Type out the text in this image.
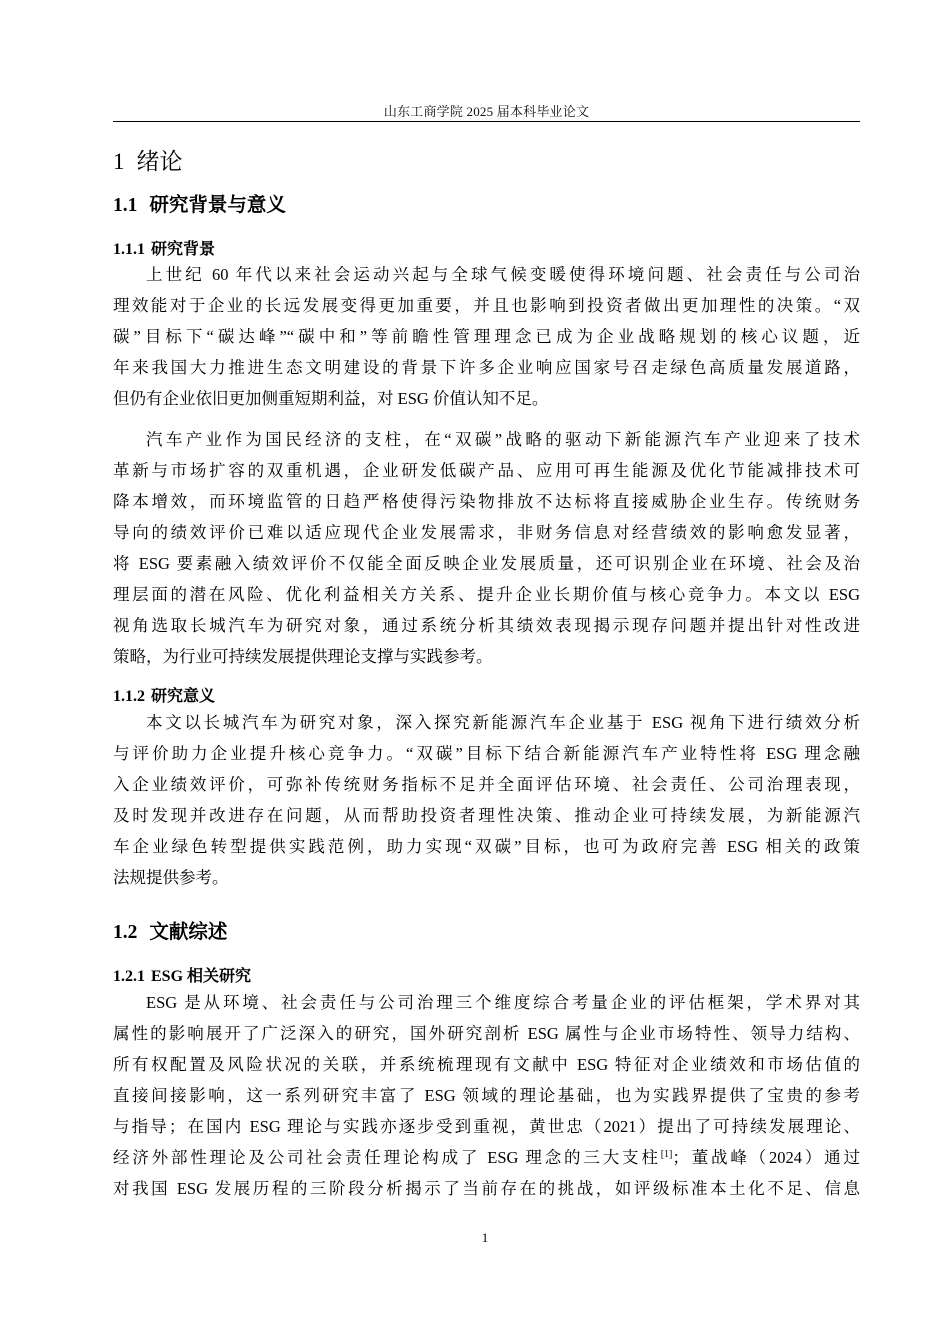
山东工商学院 2025 届本科毕业论文
1 绪论
1.1 研究背景与意义
1.1.1 研究背景
上世纪 60 年代以来社会运动兴起与全球气候变暖使得环境问题、社会责任与公司治
理效能对于企业的长远发展变得更加重要，并且也影响到投资者做出更加理性的决策。“双
碳”目标下“碳达峰”“碳中和”等前瞻性管理理念已成为企业战略规划的核心议题，近
年来我国大力推进生态文明建设的背景下许多企业响应国家号召走绿色高质量发展道路，
但仍有企业依旧更加侧重短期利益，对 ESG 价值认知不足。
汽车产业作为国民经济的支柱，在“双碳”战略的驱动下新能源汽车产业迎来了技术
革新与市场扩容的双重机遇，企业研发低碳产品、应用可再生能源及优化节能减排技术可
降本增效，而环境监管的日趋严格使得污染物排放不达标将直接威胁企业生存。传统财务
导向的绩效评价已难以适应现代企业发展需求，非财务信息对经营绩效的影响愈发显著，
将 ESG 要素融入绩效评价不仅能全面反映企业发展质量，还可识别企业在环境、社会及治
理层面的潜在风险、优化利益相关方关系、提升企业长期价值与核心竞争力。本文以 ESG
视角选取长城汽车为研究对象，通过系统分析其绩效表现揭示现存问题并提出针对性改进
策略，为行业可持续发展提供理论支撑与实践参考。
1.1.2 研究意义
本文以长城汽车为研究对象，深入探究新能源汽车企业基于 ESG 视角下进行绩效分析
与评价助力企业提升核心竞争力。“双碳”目标下结合新能源汽车产业特性将 ESG 理念融
入企业绩效评价，可弥补传统财务指标不足并全面评估环境、社会责任、公司治理表现，
及时发现并改进存在问题，从而帮助投资者理性决策、推动企业可持续发展，为新能源汽
车企业绿色转型提供实践范例，助力实现“双碳”目标，也可为政府完善 ESG 相关的政策
法规提供参考。
1.2 文献综述
1.2.1 ESG 相关研究
ESG 是从环境、社会责任与公司治理三个维度综合考量企业的评估框架，学术界对其
属性的影响展开了广泛深入的研究，国外研究剖析 ESG 属性与企业市场特性、领导力结构、
所有权配置及风险状况的关联，并系统梳理现有文献中 ESG 特征对企业绩效和市场估值的
直接间接影响，这一系列研究丰富了 ESG 领域的理论基础，也为实践界提供了宝贵的参考
与指导；在国内 ESG 理论与实践亦逐步受到重视，黄世忠（2021）提出了可持续发展理论、
经济外部性理论及公司社会责任理论构成了 ESG 理念的三大支柱[1]；董战峰（2024）通过
对我国 ESG 发展历程的三阶段分析揭示了当前存在的挑战，如评级标准本土化不足、信息
1
